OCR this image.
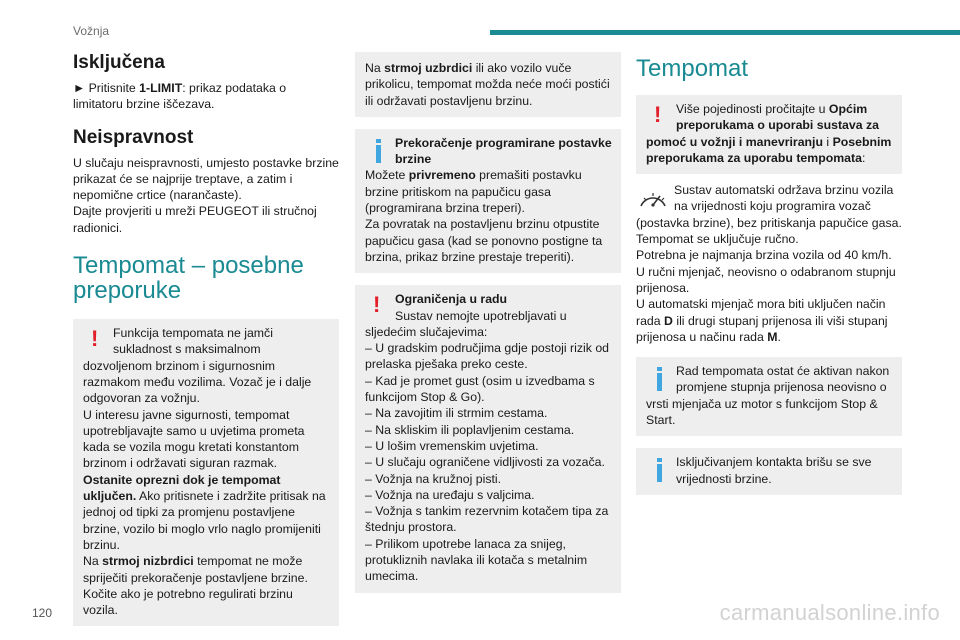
Vožnja
Isključena

► Pritisnite 1-LIMIT: prikaz podataka o limitatoru brzine iščezava.

Neispravnost

U slučaju neispravnosti, umjesto postavke brzine prikazat će se najprije treptave, a zatim i nepomične crtice (narančaste).

Dajte provjeriti u mreži PEUGEOT ili stručnoj radionici.

Tempomat – posebne preporuke
!	Funkcija tempomata ne jamči sukladnost s maksimalnom dozvoljenom brzinom i sigurnosnim razmakom među vozilima. Vozač je i dalje odgovoran za vožnju.

U interesu javne sigurnosti, tempomat upotrebljavajte samo u uvjetima prometa kada se vozila mogu kretati konstantom brzinom i održavati siguran razmak.

Ostanite oprezni dok je tempomat uključen. Ako pritisnete i zadržite pritisak na jednoj od tipki za promjenu postavljene brzine, vozilo bi moglo vrlo naglo promijeniti brzinu.

Na strmoj nizbrdici tempomat ne može spriječiti prekoračenje postavljene brzine. Kočite ako je potrebno regulirati brzinu vozila.

Na strmoj uzbrdici ili ako vozilo vuče prikolicu, tempomat možda neće moći postići ili održavati postavljenu brzinu.

Prekoračenje programirane postavke brzine

Možete privremeno premašiti postavku brzine pritiskom na papučicu gasa (programirana brzina treperi).

Za povratak na postavljenu brzinu otpustite papučicu gasa (kad se ponovno postigne ta brzina, prikaz brzine prestaje treperiti).

!	Ograničenja u radu

Sustav nemojte upotrebljavati u sljedećim slučajevima:

– U gradskim područjima gdje postoji rizik od prelaska pješaka preko ceste.

– Kad je promet gust (osim u izvedbama s funkcijom Stop & Go).

– Na zavojitim ili strmim cestama.

– Na skliskim ili poplavljenim cestama.

– U lošim vremenskim uvjetima.

– U slučaju ograničene vidljivosti za vozača.

– Vožnja na kružnoj pisti.

– Vožnja na uređaju s valjcima.

– Vožnja s tankim rezervnim kotačem tipa za štednju prostora.

– Prilikom upotrebe lanaca za snijeg, protukliznih navlaka ili kotača s metalnim umecima.

Tempomat
!	Više pojedinosti pročitajte u Općim preporukama o uporabi sustava za pomoć u vožnji i manevriranju i Posebnim preporukama za uporabu tempomata:

Sustav automatski održava brzinu vozila na vrijednosti koju programira vozač (postavka brzine), bez pritiskanja papučice gasa.

Tempomat se uključuje ručno.

Potrebna je najmanja brzina vozila od 40 km/h.

U ručni mjenjač, neovisno o odabranom stupnju prijenosa.

U automatski mjenjač mora biti uključen način rada D ili drugi stupanj prijenosa ili viši stupanj prijenosa u načinu rada M.

Rad tempomata ostat će aktivan nakon promjene stupnja prijenosa neovisno o vrsti mjenjača uz motor s funkcijom Stop & Start.

Isključivanjem kontakta brišu se sve vrijednosti brzine.

120	carmanualsonline.info
